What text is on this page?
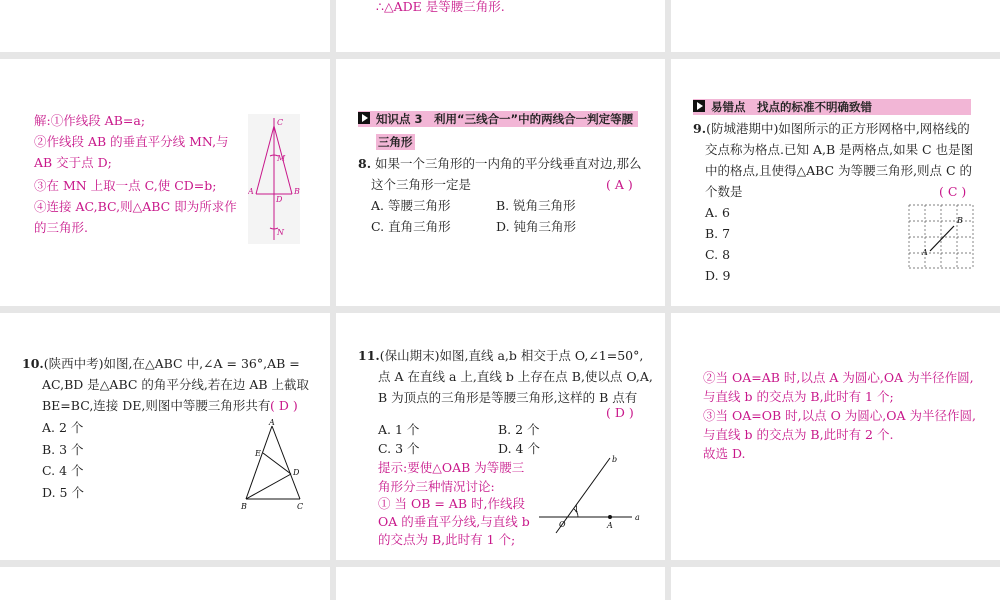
∴△ADE 是等腰三角形.
解:①作线段 AB=a;
②作线段 AB 的垂直平分线 MN,与
AB 交于点 D;
③在 MN 上取一点 C,使 CD=b;
④连接 AC,BC,则△ABC 即为所求作
的三角形.
C
M
A
D
B
N
知识点 3　利用“三线合一”中的两线合一判定等腰
三角形
8. 如果一个三角形的一内角的平分线垂直对边,那么
这个三角形一定是	( A )
A. 等腰三角形	B. 锐角三角形
C. 直角三角形	D. 钝角三角形
易错点　找点的标准不明确致错
9.(防城港期中)如图所示的正方形网格中,网格线的
交点称为格点.已知 A,B 是两格点,如果 C 也是图
中的格点,且使得△ABC 为等腰三角形,则点 C 的
个数是	( C )
A. 6
B. 7
C. 8
D. 9
A
B
10.(陕西中考)如图,在△ABC 中,∠A = 36°,AB =
AC,BD 是△ABC 的角平分线,若在边 AB 上截取
BE=BC,连接 DE,则图中等腰三角形共有 ( D )
A. 2 个
B. 3 个
C. 4 个
D. 5 个
A
E
D
B	C
11.(保山期末)如图,直线 a,b 相交于点 O,∠1=50°,
点 A 在直线 a 上,直线 b 上存在点 B,使以点 O,A,
B 为顶点的三角形是等腰三角形,这样的 B 点有
( D )
A. 1 个	B. 2 个
C. 3 个	D. 4 个
提示:要使△OAB 为等腰三
角形分三种情况讨论:
① 当 OB = AB 时,作线段
OA 的垂直平分线,与直线 b
的交点为 B,此时有 1 个;
b
1
O	A
a
②当 OA=AB 时,以点 A 为圆心,OA 为半径作圆,
与直线 b 的交点为 B,此时有 1 个;
③当 OA=OB 时,以点 O 为圆心,OA 为半径作圆,
与直线 b 的交点为 B,此时有 2 个.
故选 D.
